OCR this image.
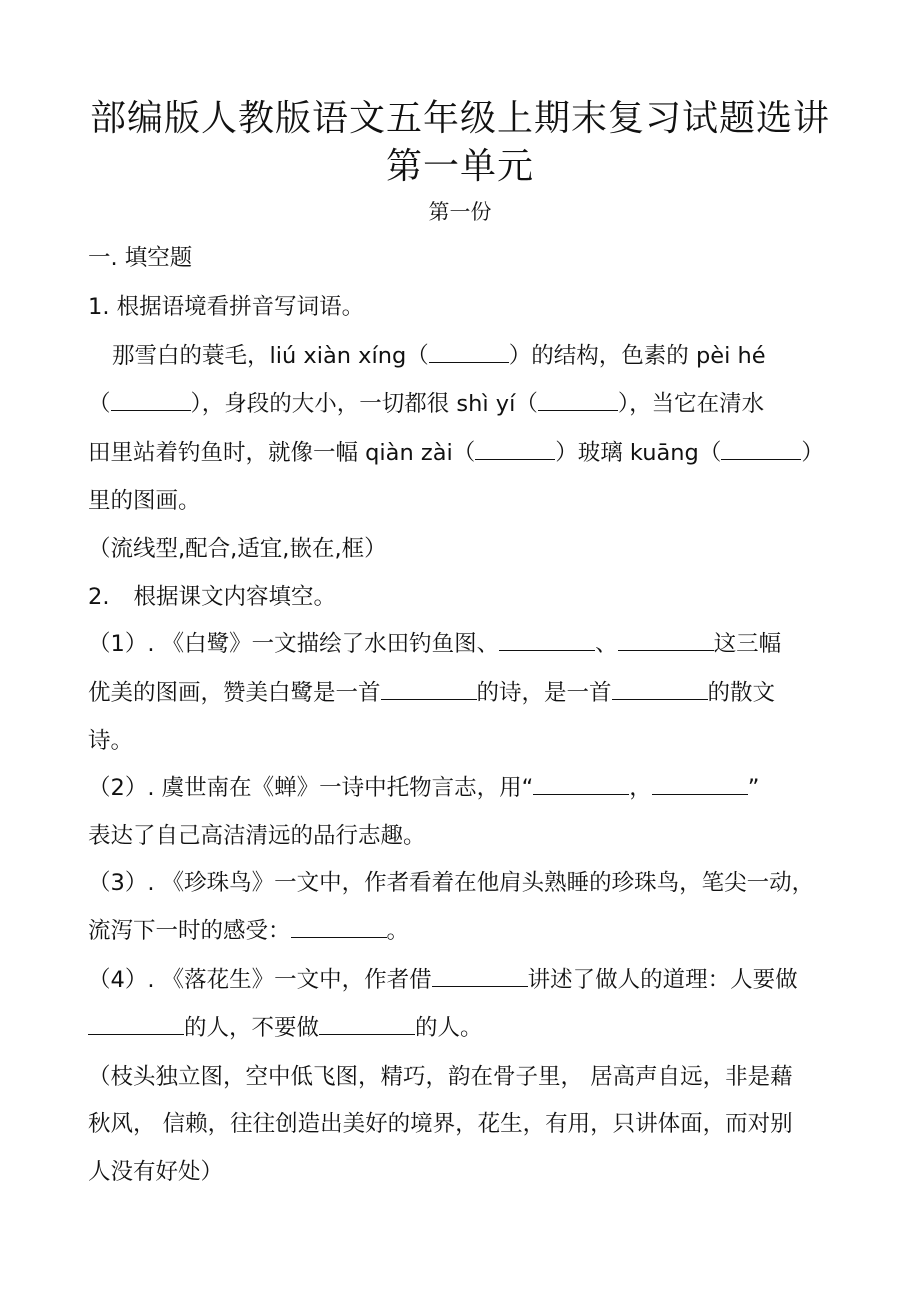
部编版人教版语文五年级上期末复习试题选讲
第一单元
第一份
一. 填空题
1. 根据语境看拼音写词语。
那雪白的蓑毛，liú xiàn xíng（	）的结构，色素的 pèi hé
（	），身段的大小，一切都很 shì yí（	），当它在清水
田里站着钓鱼时，就像一幅 qiàn zài（	）玻璃 kuāng（	）
里的图画。
（流线型,配合,适宜,嵌在,框）
2. 根据课文内容填空。
（1）. 《白鹭》一文描绘了水田钓鱼图、	、	这三幅
优美的图画，赞美白鹭是一首	的诗，是一首	的散文
诗。
（2）. 虞世南在《蝉》一诗中托物言志，用“	，	”
表达了自己高洁清远的品行志趣。
（3）. 《珍珠鸟》一文中，作者看着在他肩头熟睡的珍珠鸟，笔尖一动，
流泻下一时的感受：	。
（4）. 《落花生》一文中，作者借	讲述了做人的道理：人要做
的人，不要做	的人。
（枝头独立图，空中低飞图，精巧，韵在骨子里， 居高声自远，非是藉
秋风， 信赖，往往创造出美好的境界，花生，有用，只讲体面，而对别
人没有好处）
